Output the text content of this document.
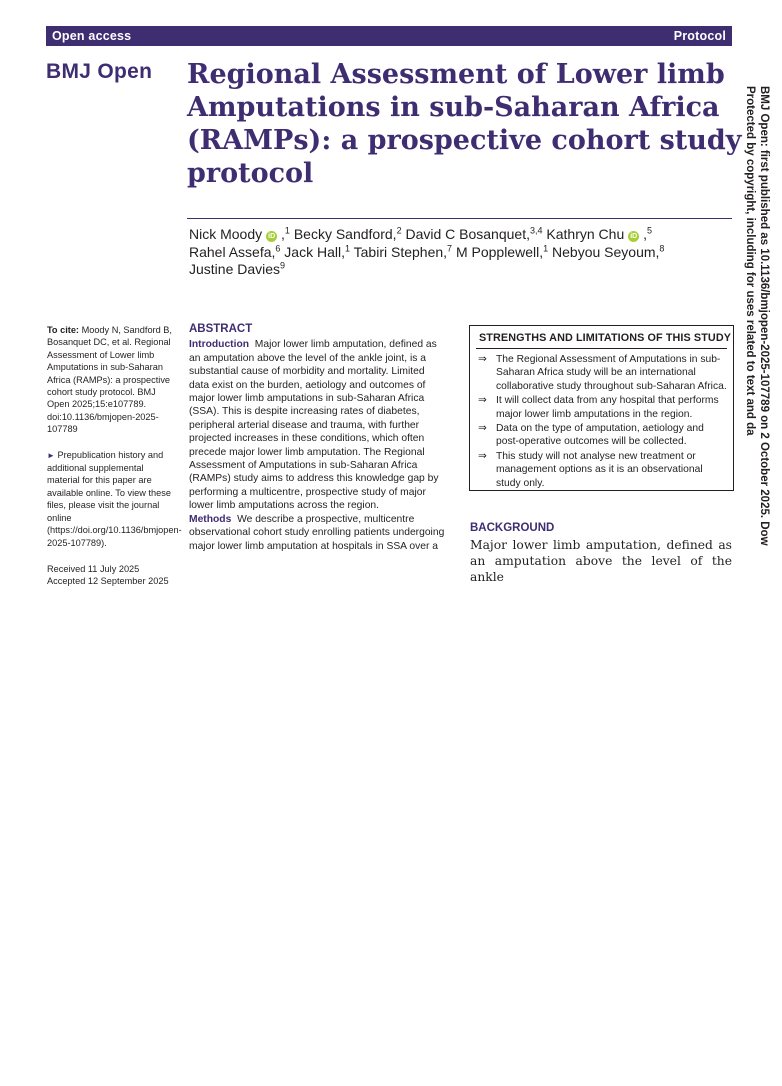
Open access	Protocol
BMJ Open Regional Assessment of Lower limb Amputations in sub-Saharan Africa (RAMPs): a prospective cohort study protocol
Nick Moody iD ,$^1$ Becky Sandford,$^2$ David C Bosanquet,$^{3,4}$ Kathryn Chu iD ,$^5$
Rahel Assefa,$^6$ Jack Hall,$^1$ Tabiri Stephen,$^7$ M Popplewell,$^1$ Nebyou Seyoum,$^8$
Justine Davies$^9$

To cite: Moody N, Sandford B, Bosanquet DC, et al. Regional Assessment of Lower limb Amputations in sub-Saharan Africa (RAMPs): a prospective cohort study protocol. BMJ Open 2025;15:e107789. doi:10.1136/bmjopen-2025-107789

► Prepublication history and additional supplemental material for this paper are available online. To view these files, please visit the journal online (https://doi.org/10.1136/bmjopen-2025-107789).

Received 11 July 2025

Accepted 12 September 2025

ABSTRACT
Introduction Major lower limb amputation, defined as an amputation above the level of the ankle joint, is a substantial cause of morbidity and mortality. Limited data exist on the burden, aetiology and outcomes of major lower limb amputations in sub-Saharan Africa (SSA). This is despite increasing rates of diabetes, peripheral arterial disease and trauma, with further projected increases in these conditions, which often precede major lower limb amputation. The Regional Assessment of Amputations in sub-Saharan Africa (RAMPs) study aims to address this knowledge gap by performing a multicentre, prospective study of major lower limb amputations across the region.
Methods We describe a prospective, multicentre observational cohort study enrolling patients undergoing major lower limb amputation at hospitals in SSA over a
STRENGTHS AND LIMITATIONS OF THIS STUDY
⇒ The Regional Assessment of Amputations in sub-Saharan Africa study will be an international collaborative study throughout sub-Saharan Africa.
⇒ It will collect data from any hospital that performs major lower limb amputations in the region.
⇒ Data on the type of amputation, aetiology and post-operative outcomes will be collected.
⇒ This study will not analyse new treatment or management options as it is an observational study only.
BACKGROUND
Major lower limb amputation, defined as an amputation above the level of the ankle
BMJ Open: first published as 10.1136/bmjopen-2025-107789 on 2 October 2025. Dow
Protected by copyright, including for uses related to text and da
